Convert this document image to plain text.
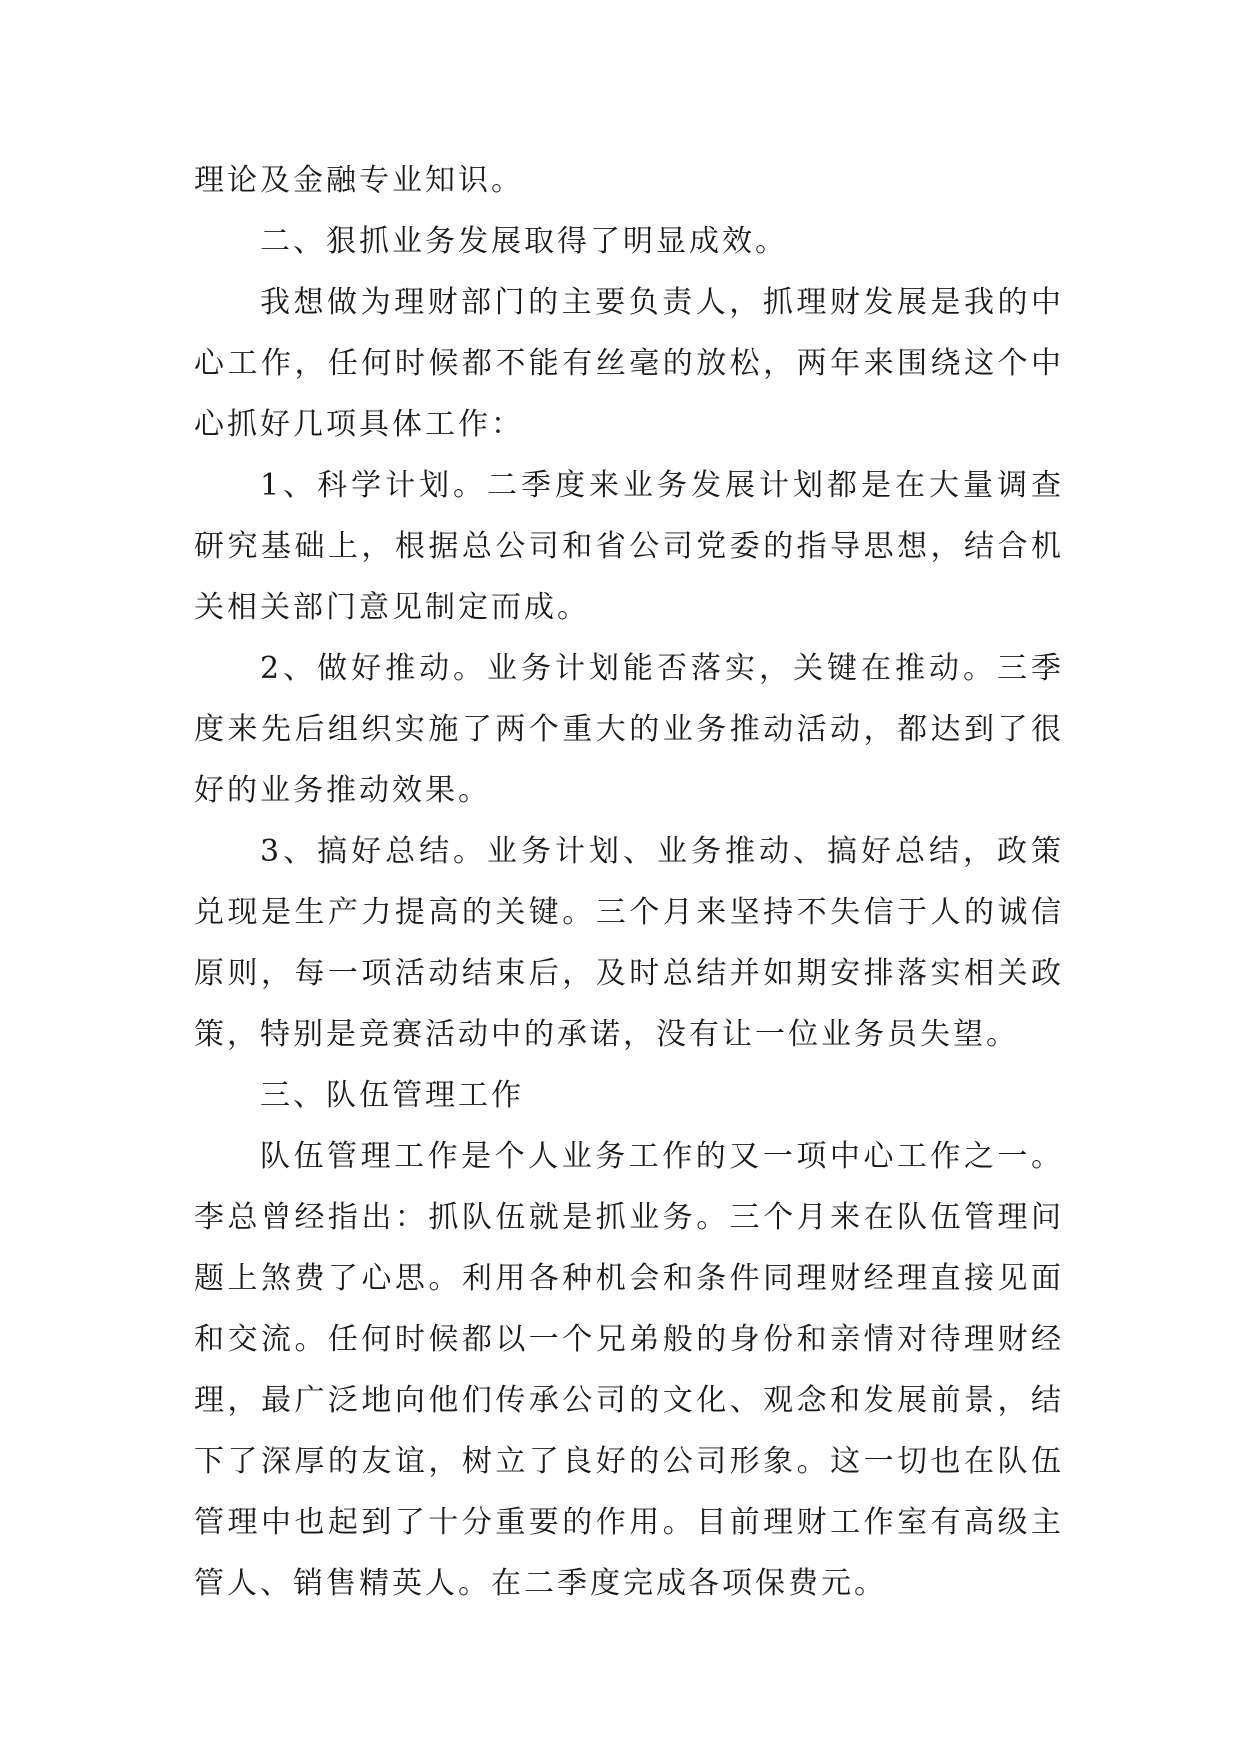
理论及金融专业知识。

二、狠抓业务发展取得了明显成效。

我想做为理财部门的主要负责人，抓理财发展是我的中心工作，任何时候都不能有丝毫的放松，两年来围绕这个中心抓好几项具体工作：

1、科学计划。二季度来业务发展计划都是在大量调查研究基础上，根据总公司和省公司党委的指导思想，结合机关相关部门意见制定而成。

2、做好推动。业务计划能否落实，关键在推动。三季度来先后组织实施了两个重大的业务推动活动，都达到了很好的业务推动效果。

3、搞好总结。业务计划、业务推动、搞好总结，政策兑现是生产力提高的关键。三个月来坚持不失信于人的诚信原则，每一项活动结束后，及时总结并如期安排落实相关政策，特别是竞赛活动中的承诺，没有让一位业务员失望。

三、队伍管理工作

队伍管理工作是个人业务工作的又一项中心工作之一。李总曾经指出：抓队伍就是抓业务。三个月来在队伍管理问题上煞费了心思。利用各种机会和条件同理财经理直接见面和交流。任何时候都以一个兄弟般的身份和亲情对待理财经理，最广泛地向他们传承公司的文化、观念和发展前景，结下了深厚的友谊，树立了良好的公司形象。这一切也在队伍管理中也起到了十分重要的作用。目前理财工作室有高级主管人、销售精英人。在二季度完成各项保费元。
